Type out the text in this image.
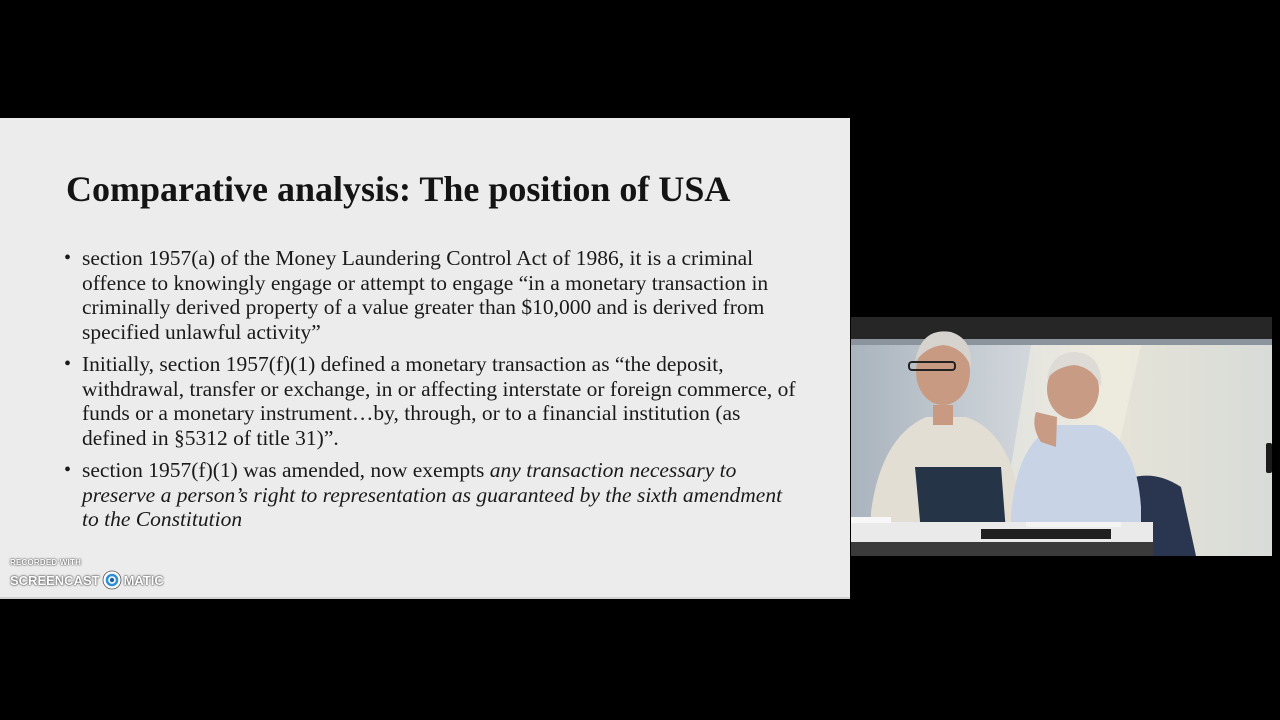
Comparative analysis: The position of USA
• section 1957(a) of the Money Laundering Control Act of 1986, it is a criminal offence to knowingly engage or attempt to engage “in a monetary transaction in criminally derived property of a value greater than $10,000 and is derived from specified unlawful activity”
• Initially, section 1957(f)(1) defined a monetary transaction as “the deposit, withdrawal, transfer or exchange, in or affecting interstate or foreign commerce, of funds or a monetary instrument…by, through, or to a financial institution (as defined in §5312 of title 31)”.
• section 1957(f)(1) was amended, now exempts any transaction necessary to preserve a person’s right to representation as guaranteed by the sixth amendment to the Constitution
RECORDED WITH
SCREENCAST MATIC
